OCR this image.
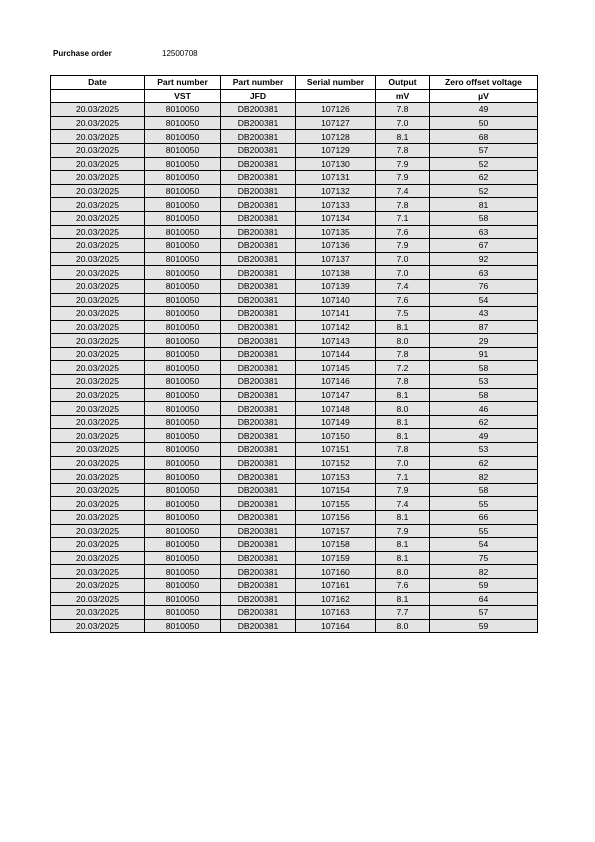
Purchase order	12500708
Date	Part number	Part number	Serial number	Output	Zero offset voltage
	VST	JFD		mV	µV
20.03/2025	8010050	DB200381	107126	7.8	49
20.03/2025	8010050	DB200381	107127	7.0	50
20.03/2025	8010050	DB200381	107128	8.1	68
20.03/2025	8010050	DB200381	107129	7.8	57
20.03/2025	8010050	DB200381	107130	7.9	52
20.03/2025	8010050	DB200381	107131	7.9	62
20.03/2025	8010050	DB200381	107132	7.4	52
20.03/2025	8010050	DB200381	107133	7.8	81
20.03/2025	8010050	DB200381	107134	7.1	58
20.03/2025	8010050	DB200381	107135	7.6	63
20.03/2025	8010050	DB200381	107136	7.9	67
20.03/2025	8010050	DB200381	107137	7.0	92
20.03/2025	8010050	DB200381	107138	7.0	63
20.03/2025	8010050	DB200381	107139	7.4	76
20.03/2025	8010050	DB200381	107140	7.6	54
20.03/2025	8010050	DB200381	107141	7.5	43
20.03/2025	8010050	DB200381	107142	8.1	87
20.03/2025	8010050	DB200381	107143	8.0	29
20.03/2025	8010050	DB200381	107144	7.8	91
20.03/2025	8010050	DB200381	107145	7.2	58
20.03/2025	8010050	DB200381	107146	7.8	53
20.03/2025	8010050	DB200381	107147	8.1	58
20.03/2025	8010050	DB200381	107148	8.0	46
20.03/2025	8010050	DB200381	107149	8.1	62
20.03/2025	8010050	DB200381	107150	8.1	49
20.03/2025	8010050	DB200381	107151	7.8	53
20.03/2025	8010050	DB200381	107152	7.0	62
20.03/2025	8010050	DB200381	107153	7.1	82
20.03/2025	8010050	DB200381	107154	7.9	58
20.03/2025	8010050	DB200381	107155	7.4	55
20.03/2025	8010050	DB200381	107156	8.1	66
20.03/2025	8010050	DB200381	107157	7.9	55
20.03/2025	8010050	DB200381	107158	8.1	54
20.03/2025	8010050	DB200381	107159	8.1	75
20.03/2025	8010050	DB200381	107160	8.0	82
20.03/2025	8010050	DB200381	107161	7.6	59
20.03/2025	8010050	DB200381	107162	8.1	64
20.03/2025	8010050	DB200381	107163	7.7	57
20.03/2025	8010050	DB200381	107164	8.0	59
